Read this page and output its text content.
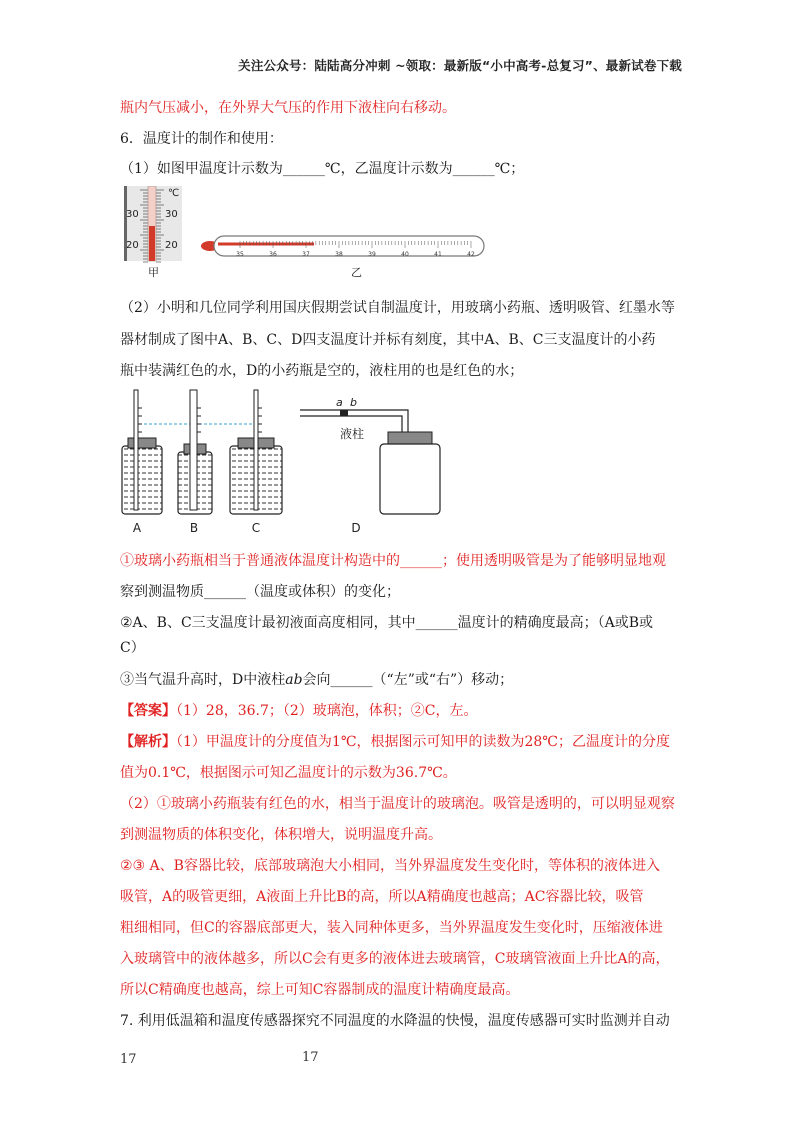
关注公众号：陆陆高分冲刺 ~领取：最新版“小中高考-总复习”、最新试卷下载
瓶内气压减小，在外界大气压的作用下液柱向右移动。
6．温度计的制作和使用：
（1）如图甲温度计示数为______℃，乙温度计示数为______℃；
℃
30
20
30
20
甲
35	36	37	38	39	40	41	42
乙
（2）小明和几位同学利用国庆假期尝试自制温度计，用玻璃小药瓶、透明吸管、红墨水等
器材制成了图中A、B、C、D四支温度计并标有刻度，其中A、B、C三支温度计的小药
瓶中装满红色的水，D的小药瓶是空的，液柱用的也是红色的水；
A	B	C
a b
液柱
D
①玻璃小药瓶相当于普通液体温度计构造中的______；使用透明吸管是为了能够明显地观
察到测温物质______（温度或体积）的变化；
②A、B、C三支温度计最初液面高度相同，其中______温度计的精确度最高；（A或B或
C）
③当气温升高时，D中液柱ab会向______（“左”或“右”）移动；
【答案】（1）28，36.7；（2）玻璃泡，体积；②C，左。
【解析】（1）甲温度计的分度值为1℃，根据图示可知甲的读数为28℃；乙温度计的分度
值为0.1℃，根据图示可知乙温度计的示数为36.7℃。
（2）①玻璃小药瓶装有红色的水，相当于温度计的玻璃泡。吸管是透明的，可以明显观察
到测温物质的体积变化，体积增大，说明温度升高。
②③ A、B容器比较，底部玻璃泡大小相同，当外界温度发生变化时，等体积的液体进入
吸管，A的吸管更细，A液面上升比B的高，所以A精确度也越高；AC容器比较，吸管
粗细相同，但C的容器底部更大，装入同种体更多，当外界温度发生变化时，压缩液体进
入玻璃管中的液体越多，所以C会有更多的液体进去玻璃管，C玻璃管液面上升比A的高，
所以C精确度也越高，综上可知C容器制成的温度计精确度最高。
7. 利用低温箱和温度传感器探究不同温度的水降温的快慢，温度传感器可实时监测并自动
17	17
